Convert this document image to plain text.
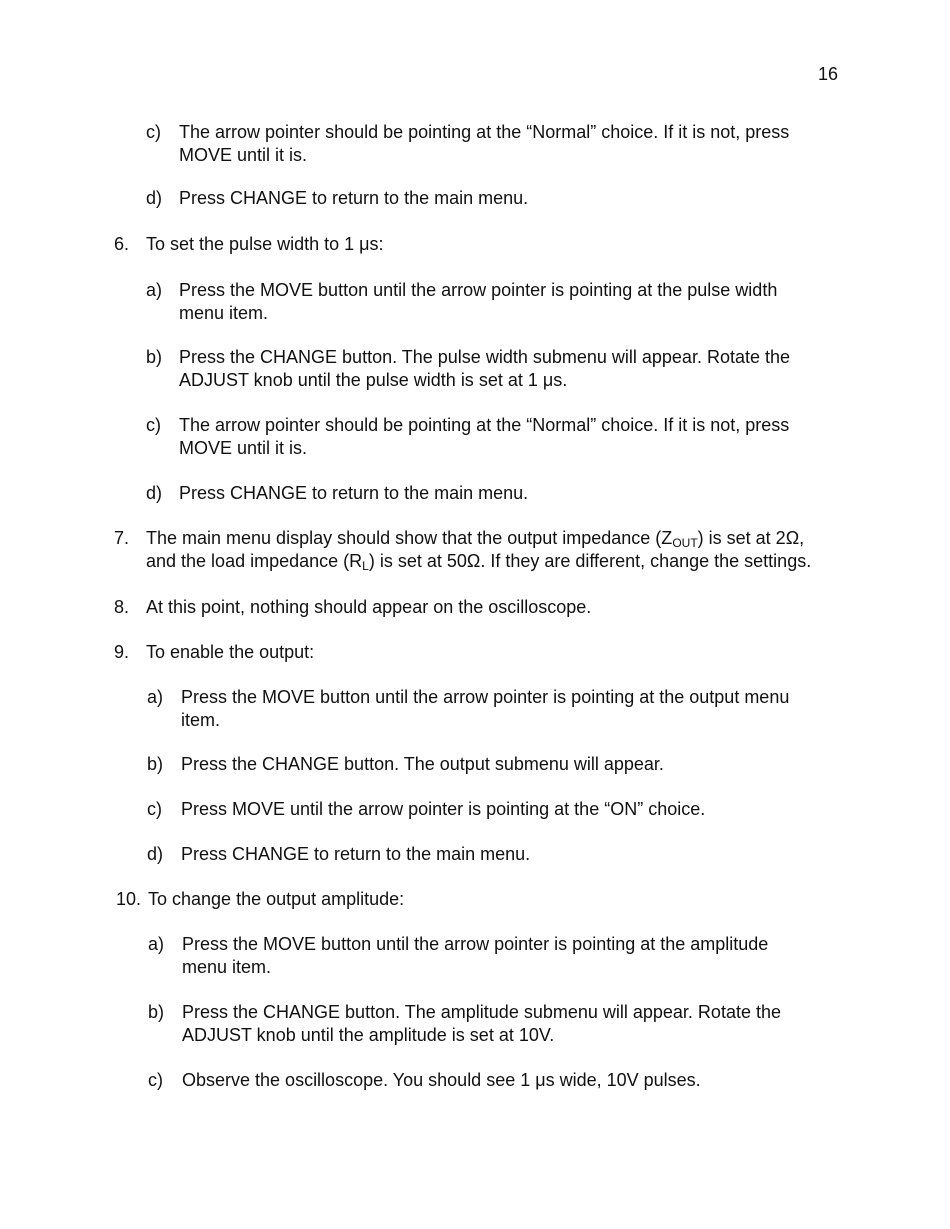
16
c) The arrow pointer should be pointing at the “Normal” choice. If it is not, press
MOVE until it is.
d) Press CHANGE to return to the main menu.
6. To set the pulse width to 1 μs:
a) Press the MOVE button until the arrow pointer is pointing at the pulse width
menu item.
b) Press the CHANGE button. The pulse width submenu will appear. Rotate the
ADJUST knob until the pulse width is set at 1 μs.
c) The arrow pointer should be pointing at the “Normal” choice. If it is not, press
MOVE until it is.
d) Press CHANGE to return to the main menu.
7. The main menu display should show that the output impedance $(Z_{OUT})$ is set at 2Ω,
and the load impedance $(R_L)$ is set at 50Ω. If they are different, change the settings.
8. At this point, nothing should appear on the oscilloscope.
9. To enable the output:
a) Press the MOVE button until the arrow pointer is pointing at the output menu
item.
b) Press the CHANGE button. The output submenu will appear.
c) Press MOVE until the arrow pointer is pointing at the “ON” choice.
d) Press CHANGE to return to the main menu.
10. To change the output amplitude:
a) Press the MOVE button until the arrow pointer is pointing at the amplitude
menu item.
b) Press the CHANGE button. The amplitude submenu will appear. Rotate the
ADJUST knob until the amplitude is set at 10V.
c) Observe the oscilloscope. You should see 1 μs wide, 10V pulses.
